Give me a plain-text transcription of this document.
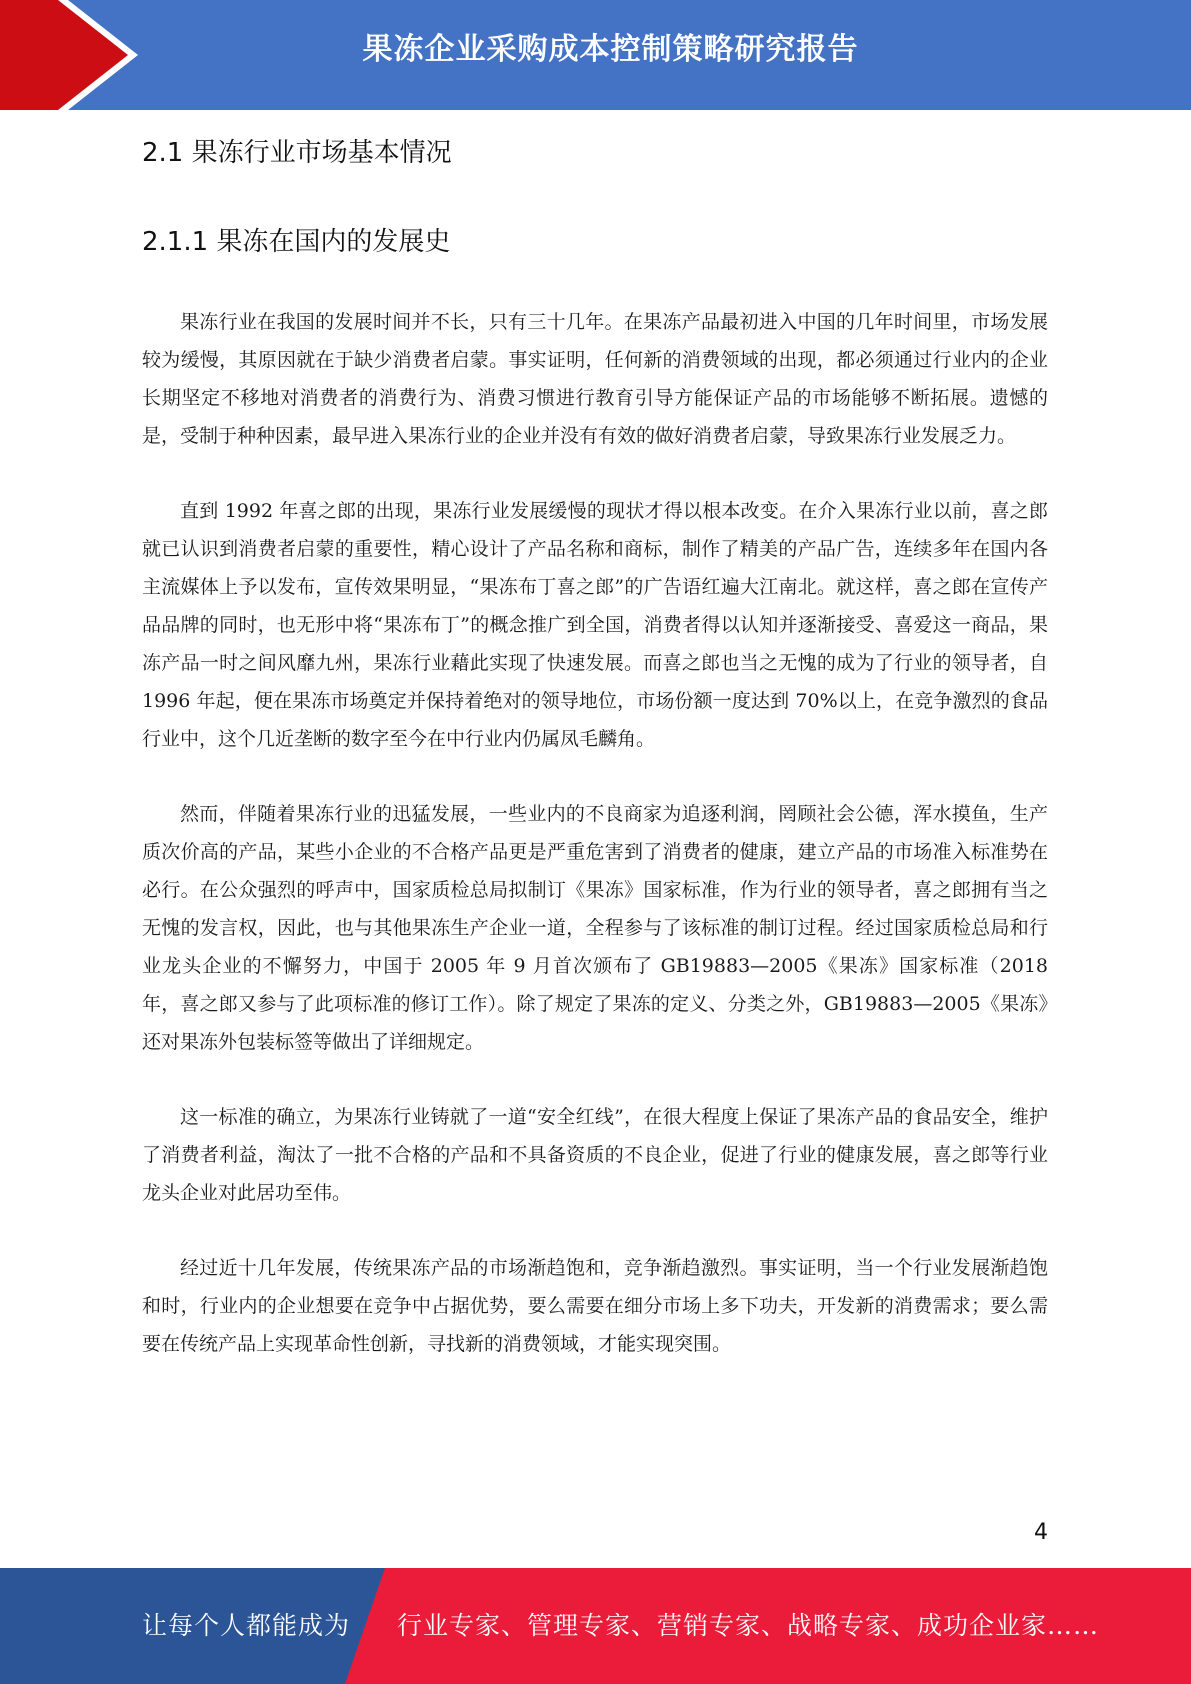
果冻企业采购成本控制策略研究报告
2.1 果冻行业市场基本情况
2.1.1 果冻在国内的发展史

果冻行业在我国的发展时间并不长，只有三十几年。在果冻产品最初进入中国的几年时间里，市场发展较为缓慢，其原因就在于缺少消费者启蒙。事实证明，任何新的消费领域的出现，都必须通过行业内的企业长期坚定不移地对消费者的消费行为、消费习惯进行教育引导方能保证产品的市场能够不断拓展。遗憾的是，受制于种种因素，最早进入果冻行业的企业并没有有效的做好消费者启蒙，导致果冻行业发展乏力。

直到 1992 年喜之郎的出现，果冻行业发展缓慢的现状才得以根本改变。在介入果冻行业以前，喜之郎就已认识到消费者启蒙的重要性，精心设计了产品名称和商标，制作了精美的产品广告，连续多年在国内各主流媒体上予以发布，宣传效果明显，“果冻布丁喜之郎”的广告语红遍大江南北。就这样，喜之郎在宣传产品品牌的同时，也无形中将“果冻布丁”的概念推广到全国，消费者得以认知并逐渐接受、喜爱这一商品，果冻产品一时之间风靡九州，果冻行业藉此实现了快速发展。而喜之郎也当之无愧的成为了行业的领导者，自 1996 年起，便在果冻市场奠定并保持着绝对的领导地位，市场份额一度达到 70%以上，在竞争激烈的食品行业中，这个几近垄断的数字至今在中行业内仍属凤毛麟角。

然而，伴随着果冻行业的迅猛发展，一些业内的不良商家为追逐利润，罔顾社会公德，浑水摸鱼，生产质次价高的产品，某些小企业的不合格产品更是严重危害到了消费者的健康，建立产品的市场准入标准势在必行。在公众强烈的呼声中，国家质检总局拟制订《果冻》国家标准，作为行业的领导者，喜之郎拥有当之无愧的发言权，因此，也与其他果冻生产企业一道，全程参与了该标准的制订过程。经过国家质检总局和行业龙头企业的不懈努力，中国于 2005 年 9 月首次颁布了 GB19883—2005《果冻》国家标准（2018 年，喜之郎又参与了此项标准的修订工作）。除了规定了果冻的定义、分类之外，GB19883—2005《果冻》还对果冻外包装标签等做出了详细规定。

这一标准的确立，为果冻行业铸就了一道“安全红线”，在很大程度上保证了果冻产品的食品安全，维护了消费者利益，淘汰了一批不合格的产品和不具备资质的不良企业，促进了行业的健康发展，喜之郎等行业龙头企业对此居功至伟。

经过近十几年发展，传统果冻产品的市场渐趋饱和，竞争渐趋激烈。事实证明，当一个行业发展渐趋饱和时，行业内的企业想要在竞争中占据优势，要么需要在细分市场上多下功夫，开发新的消费需求；要么需要在传统产品上实现革命性创新，寻找新的消费领域，才能实现突围。

4
让每个人都能成为 行业专家、管理专家、营销专家、战略专家、成功企业家……
